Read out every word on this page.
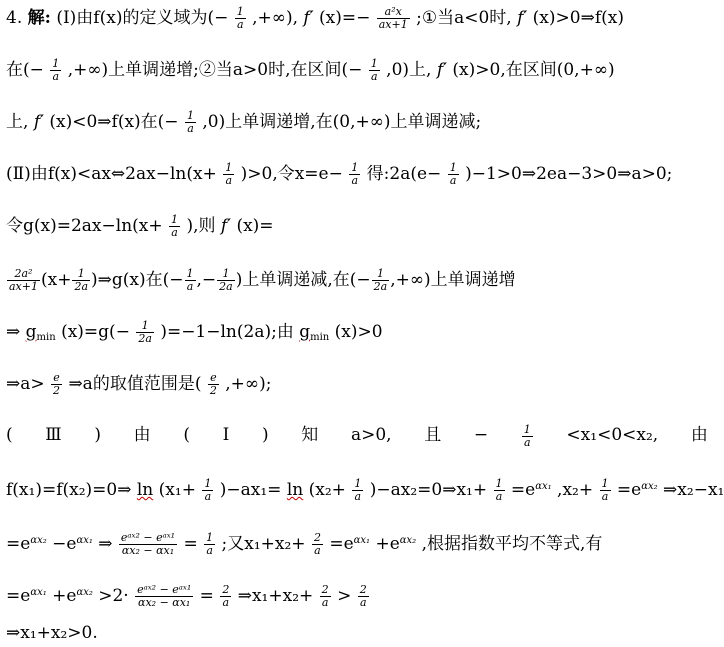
4. 解: (Ⅰ)由f(x)的定义域为(− $\frac{1}{a}$ ,+∞), f′ $(x)=- \frac{\text{a²x}}{ax+1}$ ;①当a<0时, f′ (x)>0⇒f(x)
在(− $\frac{1}{a}$ ,+∞)上单调递增;②当a>0时,在区间(− $\frac{1}{a} ,0$)上, f′ (x)>0,在区间(0,+∞)
上, f′ (x)<0⇒f(x)在(− $\frac{1}{a} ,0$)上单调递增,在(0,+∞)上单调递减;
(Ⅱ)由f(x)<ax⇔2ax−ln(x+ $\frac{1}{a} )>0$,令$x=e- \frac{1}{a}$ 得:2a(e− $\frac{1}{a}$ )−1>0⇒2ea−3>0⇒a>0;
令$g(x)=2ax-\ln(x+ \frac{1}{a}$ ),则 f′ (x)=
$\frac{\text{2a²}}{ax+1} (x+ \frac{1}{2a}$ )⇒g(x)在(− $\frac{1}{a}$ ,− $\frac{1}{2a}$ )上单调递减,在(− $\frac{1}{2a}$ ,+∞)上单调递增
⇒ $g_{min}$ $(x)=g(- \frac{1}{2a} )=-1-\ln(2a)$;由 $g_{min}$ (x)>0
⇒a> $\frac{e}{2}$ ⇒a的取值范围是( $\frac{e}{2}$ ,+∞);
( Ⅲ ) 由 ( Ⅰ ) 知 a>0, 且 −	$\frac{1}{a} <x_1<0<x_2$, 由
f(x₁)=f(x₂)=0⇒ $\ln (x_1+ \frac{1}{a} )-ax_1= \ln (x_2+ \frac{1}{a}$ )−ax₂=0⇒x₁+ $\frac{1}{a} =e^{\alpha x_1}$ $,x_2+ \frac{1}{a} =e^{\alpha x_2}$ ⇒x₂−x₁
$=e^{\alpha x_2} -e^{\alpha x_1}$ ⇒ $\frac{\text{eᵃˣ² − eᵃˣ¹}}{\text{αx₂ − αx₁}} = \frac{1}{a}$ ;又$x_1+x_2+ \frac{2}{a} =e^{\alpha x_1} +e^{\alpha x_2}$ ,根据指数平均不等式,有
$=e^{\alpha x_1} +e^{\alpha x_2} >2\cdot \frac{\text{eᵃˣ² − eᵃˣ¹}}{\text{αx₂ − αx₁}} = \frac{2}{a}$ ⇒x₁+x₂+ $\frac{2}{a} > \frac{2}{a}$
⇒x₁+x₂>0.
